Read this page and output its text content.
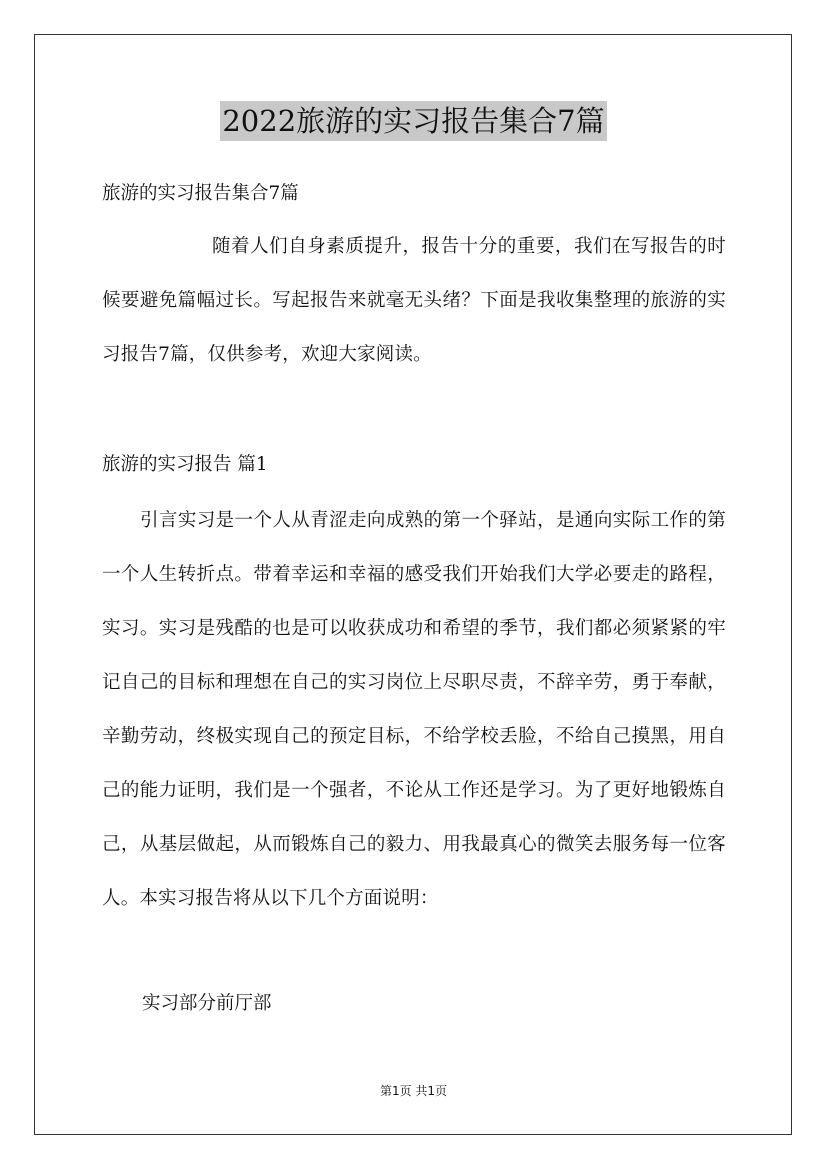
2022旅游的实习报告集合7篇

旅游的实习报告集合7篇

随着人们自身素质提升，报告十分的重要，我们在写报告的时候要避免篇幅过长。写起报告来就毫无头绪？下面是我收集整理的旅游的实习报告7篇，仅供参考，欢迎大家阅读。

旅游的实习报告 篇1

引言实习是一个人从青涩走向成熟的第一个驿站，是通向实际工作的第一个人生转折点。带着幸运和幸福的感受我们开始我们大学必要走的路程，实习。实习是残酷的也是可以收获成功和希望的季节，我们都必须紧紧的牢记自己的目标和理想在自己的实习岗位上尽职尽责，不辞辛劳，勇于奉献，辛勤劳动，终极实现自己的预定目标，不给学校丢脸，不给自己摸黑，用自己的能力证明，我们是一个强者，不论从工作还是学习。为了更好地锻炼自己，从基层做起，从而锻炼自己的毅力、用我最真心的微笑去服务每一位客人。本实习报告将从以下几个方面说明：

实习部分前厅部

第1页 共1页
